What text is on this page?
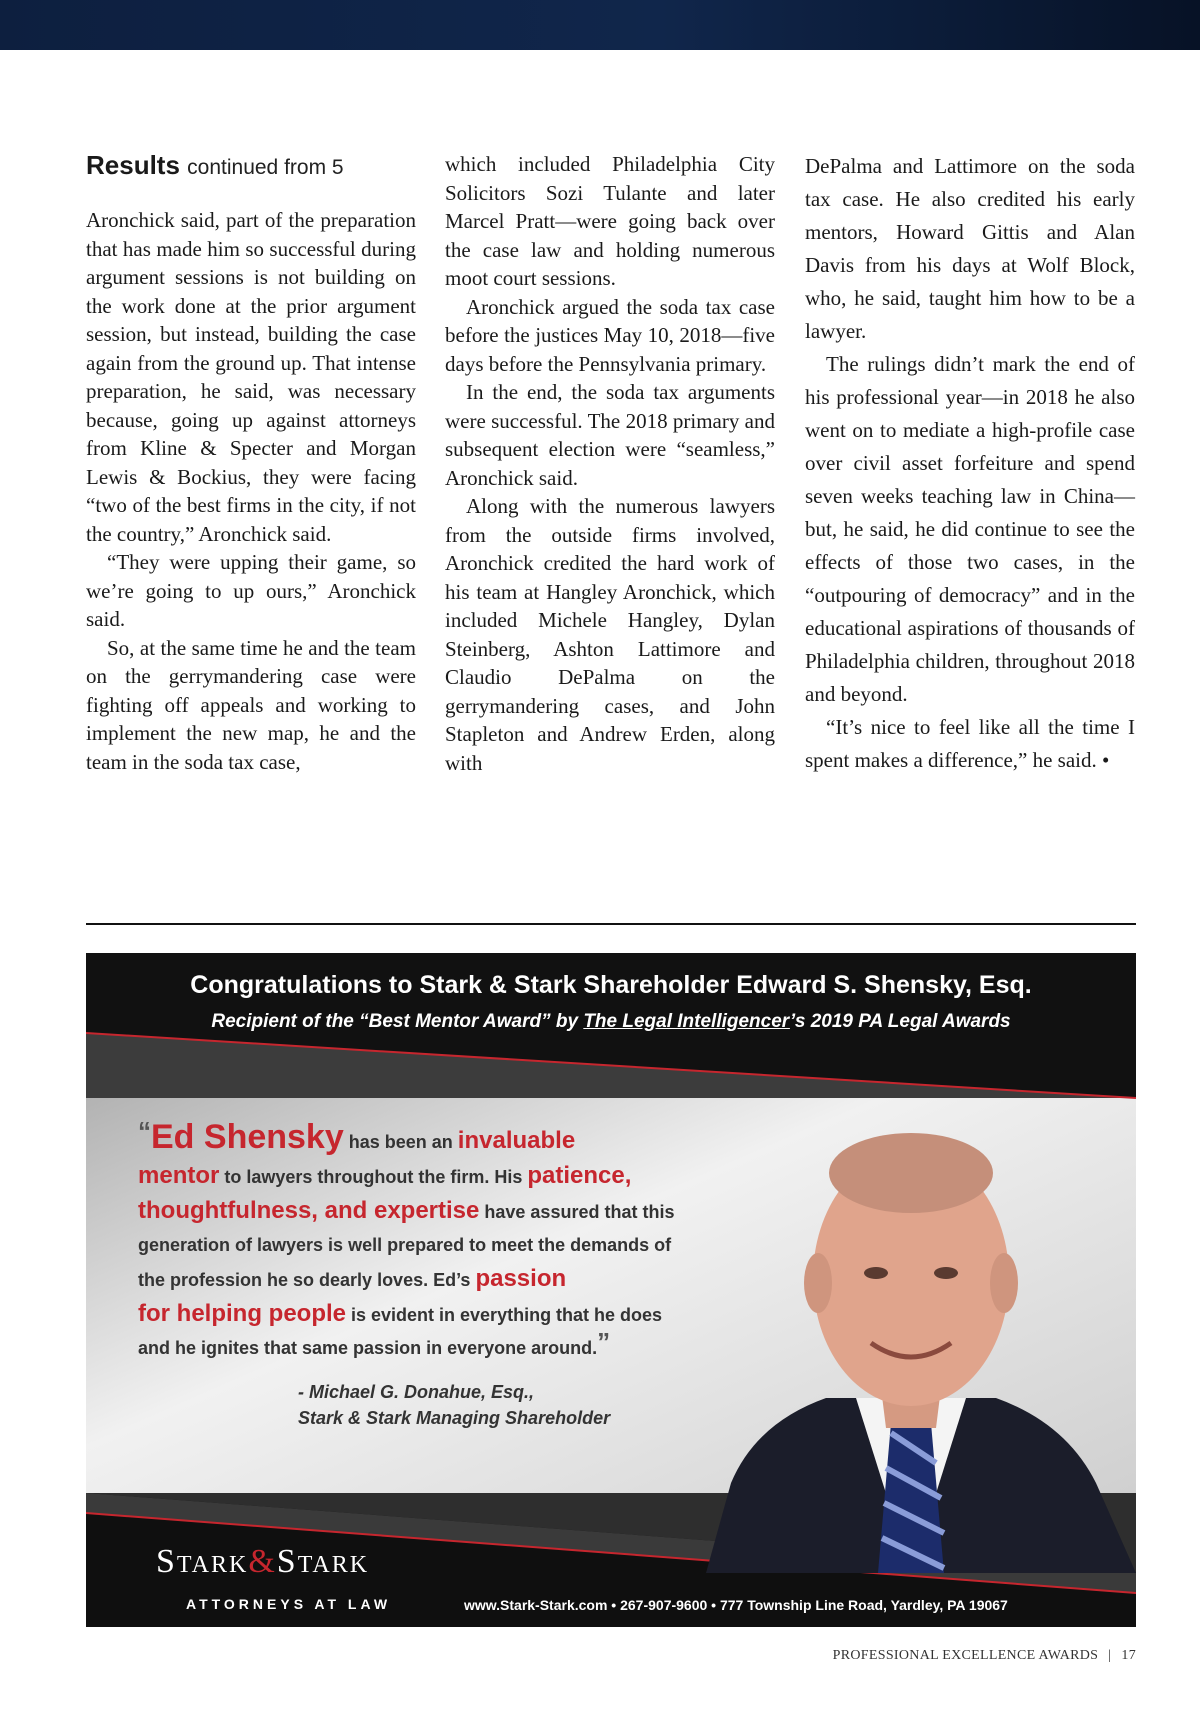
Results continued from 5

Aronchick said, part of the preparation that has made him so successful during argument sessions is not building on the work done at the prior argument session, but instead, building the case again from the ground up. That intense preparation, he said, was necessary because, going up against attorneys from Kline & Specter and Morgan Lewis & Bockius, they were facing “two of the best firms in the city, if not the country,” Aronchick said.

“They were upping their game, so we’re going to up ours,” Aronchick said.

So, at the same time he and the team on the gerrymandering case were fighting off appeals and working to implement the new map, he and the team in the soda tax case,

which included Philadelphia City Solicitors Sozi Tulante and later Marcel Pratt—were going back over the case law and holding numerous moot court sessions.

Aronchick argued the soda tax case before the justices May 10, 2018—five days before the Pennsylvania primary.

In the end, the soda tax arguments were successful. The 2018 primary and subsequent election were “seamless,” Aronchick said.

Along with the numerous lawyers from the outside firms involved, Aronchick credited the hard work of his team at Hangley Aronchick, which included Michele Hangley, Dylan Steinberg, Ashton Lattimore and Claudio DePalma on the gerrymandering cases, and John Stapleton and Andrew Erden, along with

DePalma and Lattimore on the soda tax case. He also credited his early mentors, Howard Gittis and Alan Davis from his days at Wolf Block, who, he said, taught him how to be a lawyer.

The rulings didn’t mark the end of his professional year—in 2018 he also went on to mediate a high-profile case over civil asset forfeiture and spend seven weeks teaching law in China—but, he said, he did continue to see the effects of those two cases, in the “outpouring of democracy” and in the educational aspirations of thousands of Philadelphia children, throughout 2018 and beyond.

“It’s nice to feel like all the time I spent makes a difference,” he said. •

Congratulations to Stark & Stark Shareholder Edward S. Shensky, Esq.
Recipient of the “Best Mentor Award” by The Legal Intelligencer’s 2019 PA Legal Awards
“Ed Shensky has been an invaluable
mentor to lawyers throughout the firm. His patience,
thoughtfulness, and expertise have assured that this generation of lawyers is well prepared to meet the demands of the profession he so dearly loves. Ed’s passion
for helping people is evident in everything that he does and he ignites that same passion in everyone around.”
- Michael G. Donahue, Esq.,
Stark & Stark Managing Shareholder
Stark&Stark
ATTORNEYS AT LAW	www.Stark-Stark.com • 267-907-9600 • 777 Township Line Road, Yardley, PA 19067
PROFESSIONAL EXCELLENCE AWARDS | 17
